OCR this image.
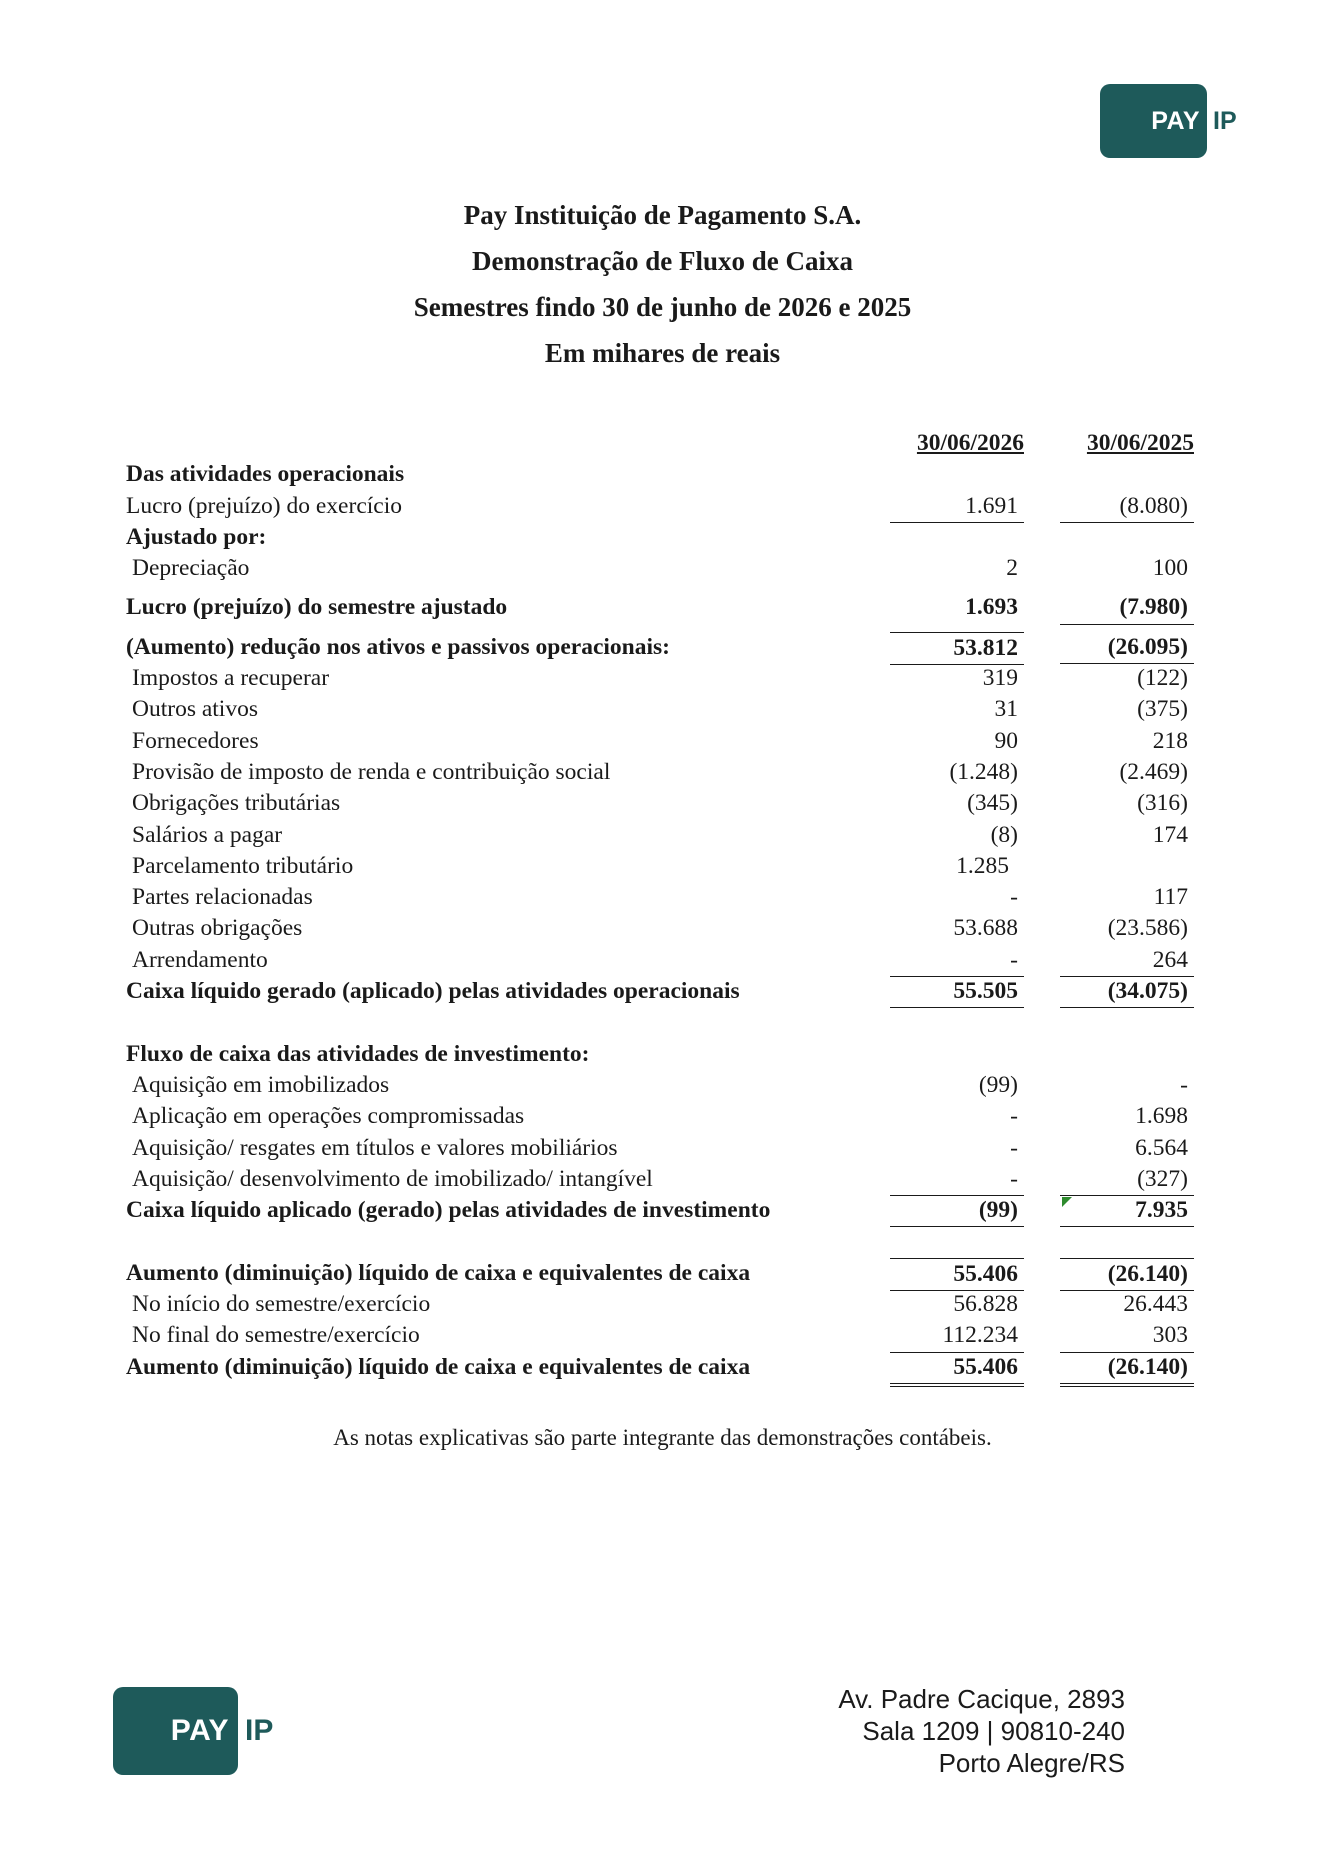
PAY IP
Pay Instituição de Pagamento S.A.
Demonstração de Fluxo de Caixa
Semestres findo 30 de junho de 2026 e 2025
Em mihares de reais
30/06/2026	30/06/2025
Das atividades operacionais
Lucro (prejuízo) do exercício	1.691	(8.080)
Ajustado por:
Depreciação	2	100
Lucro (prejuízo) do semestre ajustado	1.693	(7.980)
(Aumento) redução nos ativos e passivos operacionais:	53.812	(26.095)
Impostos a recuperar	319	(122)
Outros ativos	31	(375)
Fornecedores	90	218
Provisão de imposto de renda e contribuição social	(1.248)	(2.469)
Obrigações tributárias	(345)	(316)
Salários a pagar	(8)	174
Parcelamento tributário	1.285
Partes relacionadas	-	117
Outras obrigações	53.688	(23.586)
Arrendamento	-	264
Caixa líquido gerado (aplicado) pelas atividades operacionais	55.505	(34.075)
Fluxo de caixa das atividades de investimento:
Aquisição em imobilizados	(99)	-
Aplicação em operações compromissadas	-	1.698
Aquisição/ resgates em títulos e valores mobiliários	-	6.564
Aquisição/ desenvolvimento de imobilizado/ intangível	-	(327)
Caixa líquido aplicado (gerado) pelas atividades de investimento	(99)	7.935
Aumento (diminuição) líquido de caixa e equivalentes de caixa	55.406	(26.140)
No início do semestre/exercício	56.828	26.443
No final do semestre/exercício	112.234	303
Aumento (diminuição) líquido de caixa e equivalentes de caixa	55.406	(26.140)
As notas explicativas são parte integrante das demonstrações contábeis.
PAY IP
Av. Padre Cacique, 2893
Sala 1209 | 90810-240
Porto Alegre/RS
